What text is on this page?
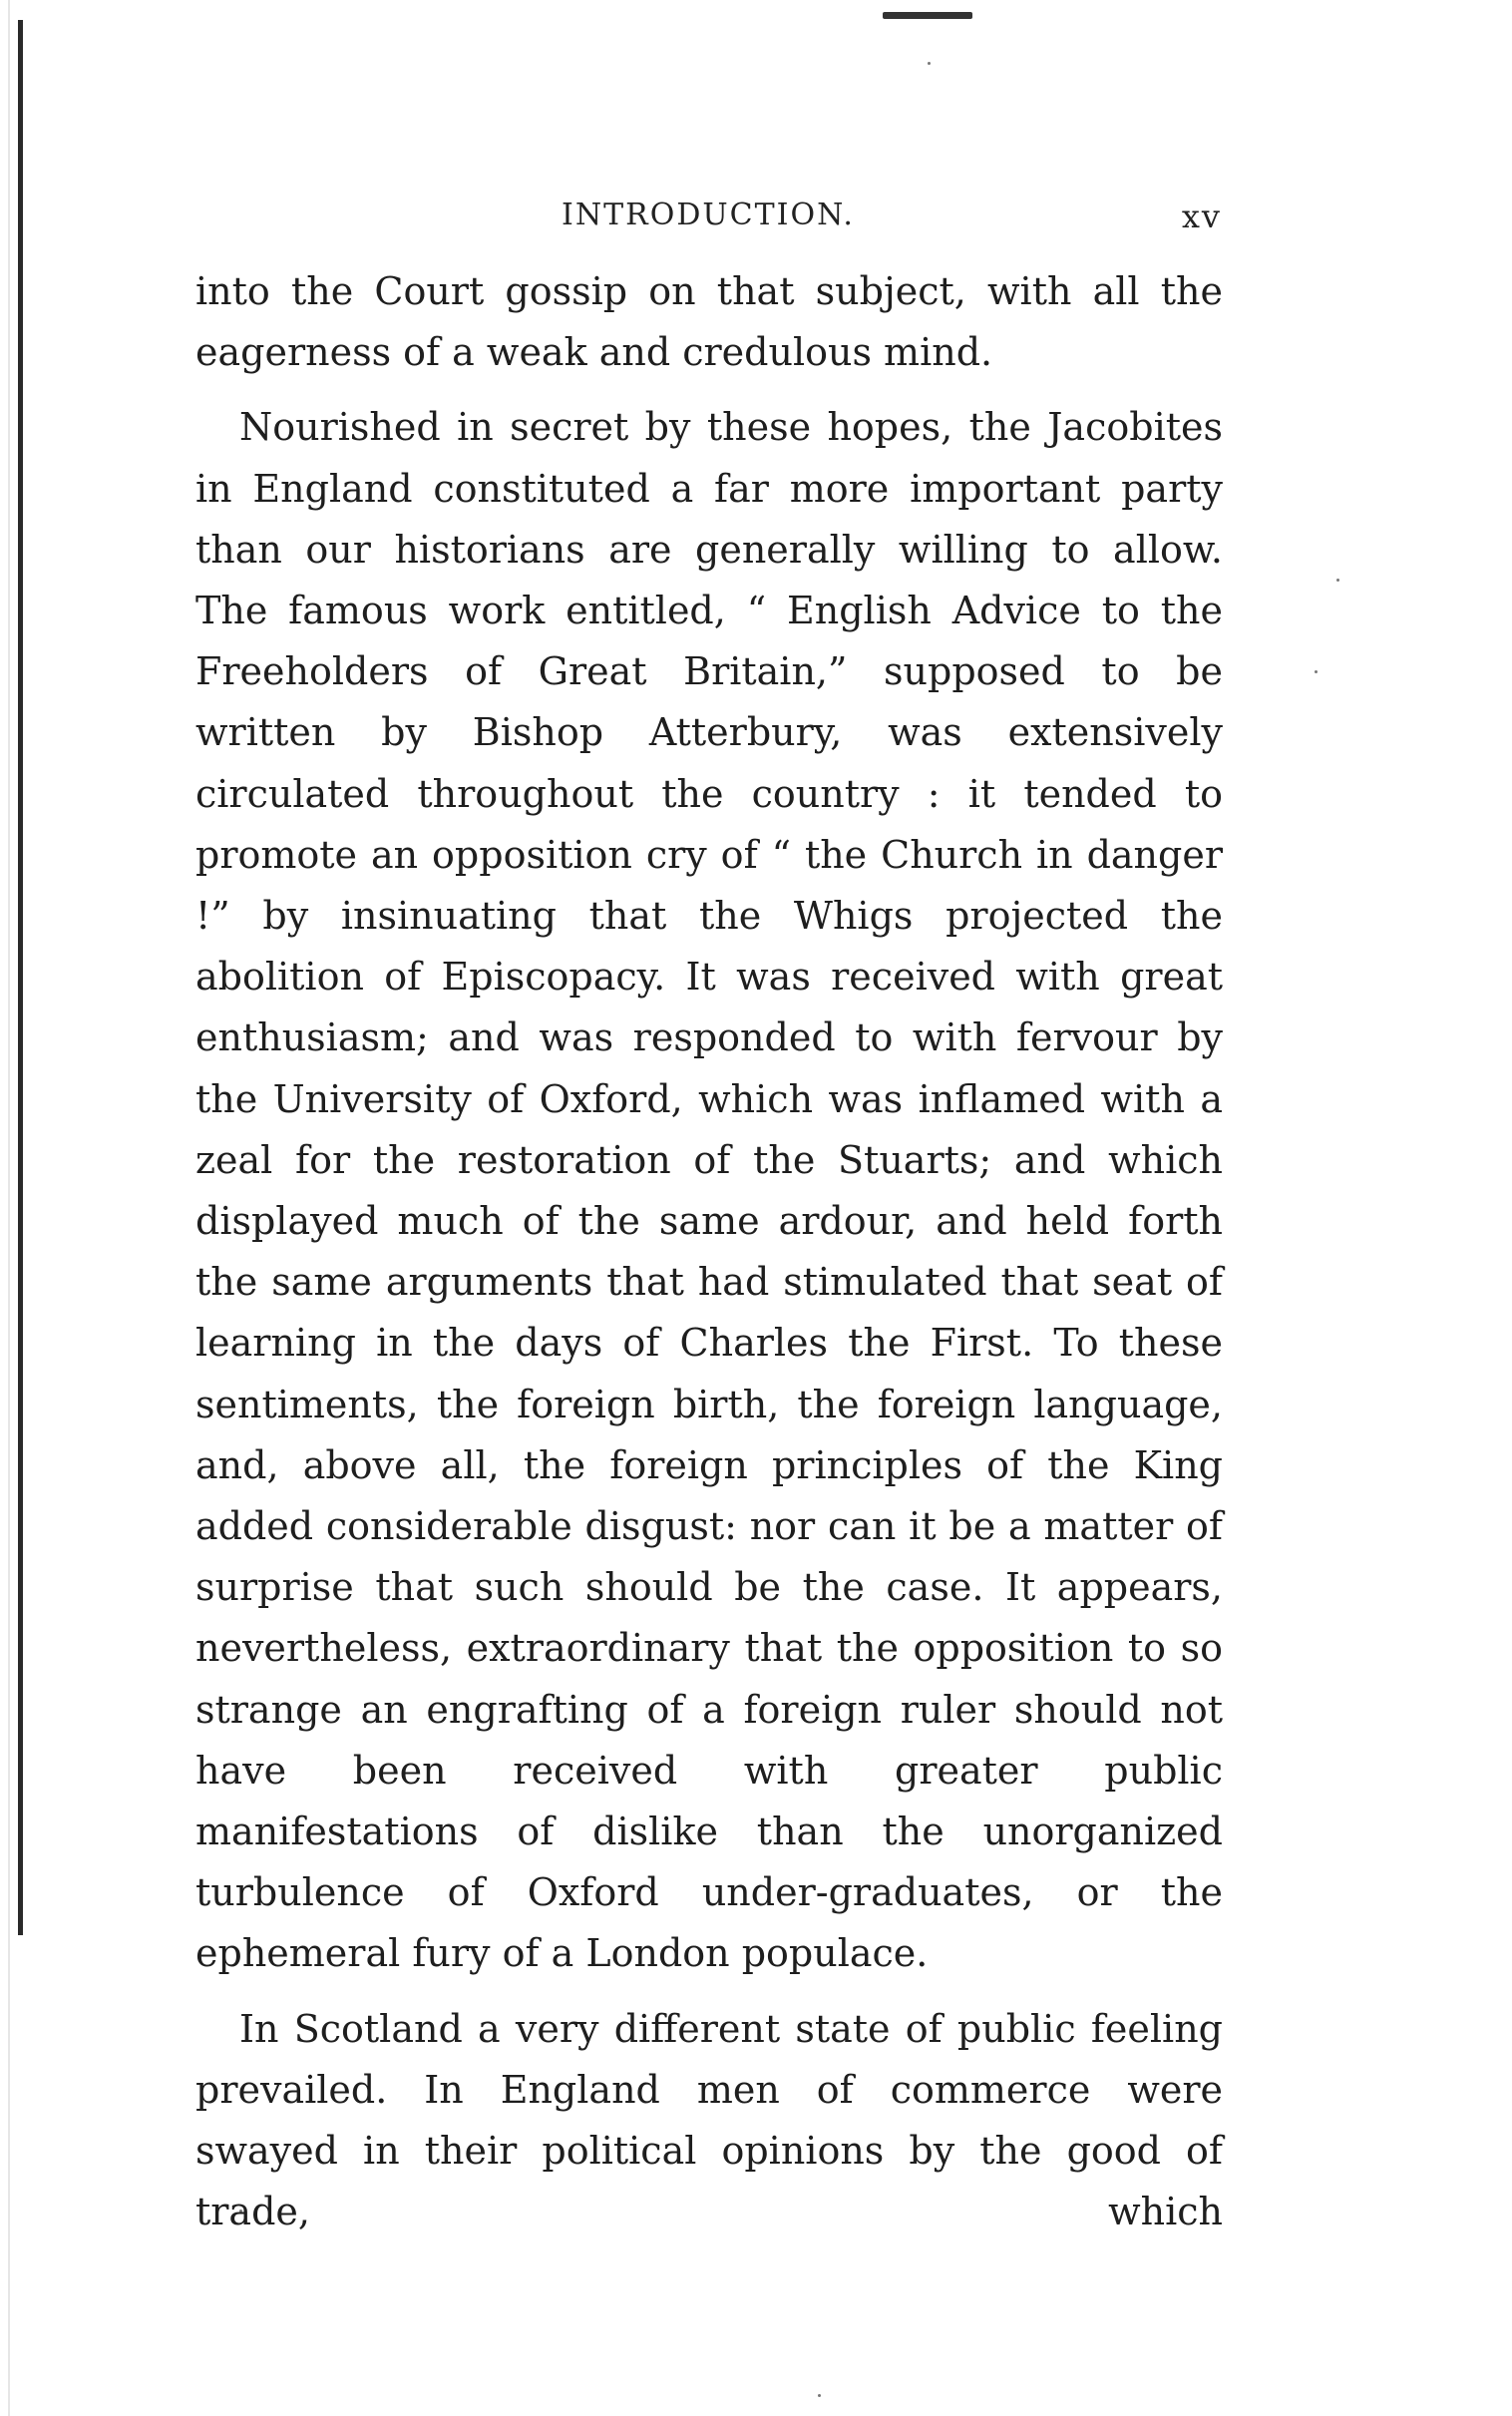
INTRODUCTION.	xv

into the Court gossip on that subject, with all the eagerness of a weak and credulous mind.

Nourished in secret by these hopes, the Jacobites in England constituted a far more important party than our historians are generally willing to allow. The famous work entitled, “ English Advice to the Freeholders of Great Britain,” supposed to be written by Bishop Atterbury, was extensively circulated throughout the country : it tended to promote an opposition cry of “ the Church in danger !” by insinuating that the Whigs projected the abolition of Episcopacy. It was received with great enthusiasm; and was responded to with fervour by the University of Oxford, which was inflamed with a zeal for the restoration of the Stuarts; and which displayed much of the same ardour, and held forth the same arguments that had stimulated that seat of learning in the days of Charles the First. To these sentiments, the foreign birth, the foreign language, and, above all, the foreign principles of the King added considerable disgust: nor can it be a matter of surprise that such should be the case. It appears, nevertheless, extraordinary that the opposition to so strange an engrafting of a foreign ruler should not have been received with greater public manifestations of dislike than the unorganized turbulence of Oxford under-graduates, or the ephemeral fury of a London populace.

In Scotland a very different state of public feeling prevailed. In England men of commerce were swayed in their political opinions by the good of trade, which
